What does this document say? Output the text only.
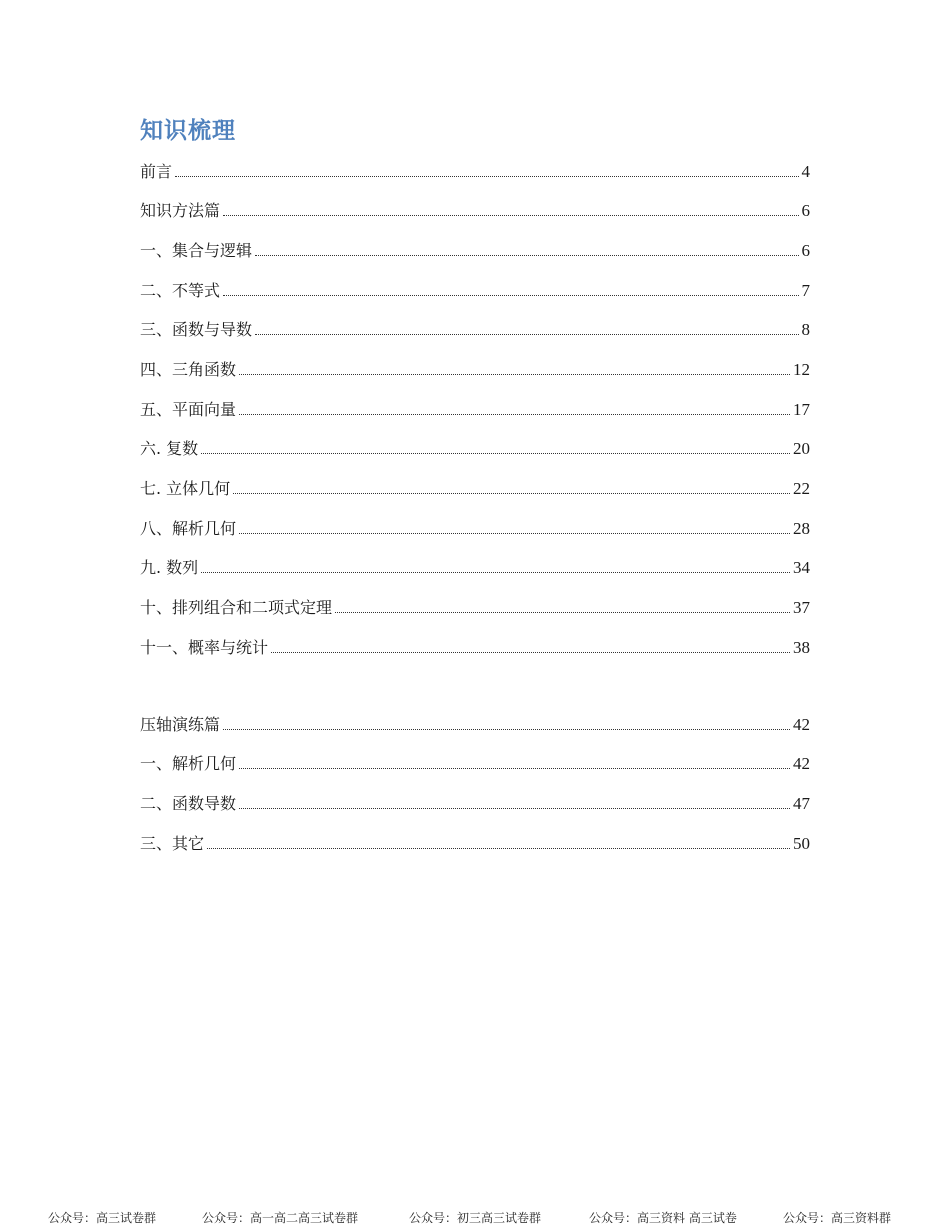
知识梳理
前言	4
知识方法篇	6
一、集合与逻辑	6
二、不等式	7
三、函数与导数	8
四、三角函数	12
五、平面向量	17
六. 复数	20
七. 立体几何	22
八、解析几何	28
九. 数列	34
十、排列组合和二项式定理	37
十一、概率与统计	38
压轴演练篇	42
一、解析几何	42
二、函数导数	47
三、其它	50
公众号：高三试卷群	公众号：高一高二高三试卷群	公众号：初三高三试卷群	公众号：高三资料 高三试卷	公众号：高三资料群
